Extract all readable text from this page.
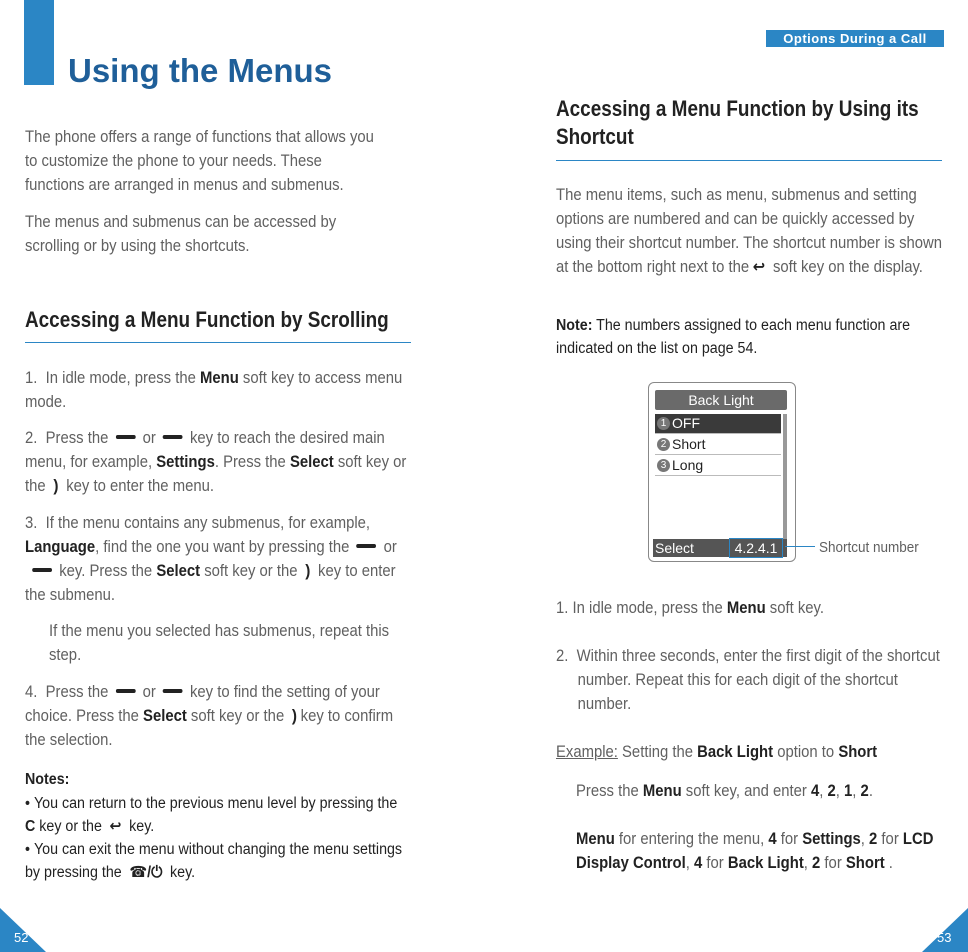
Using the Menus
The phone offers a range of functions that allows you to customize the phone to your needs. These functions are arranged in menus and submenus.
The menus and submenus can be accessed by scrolling or by using the shortcuts.
Accessing a Menu Function by Scrolling
1. In idle mode, press the Menu soft key to access menu mode.
2. Press the or key to reach the desired main menu, for example, Settings. Press the Select soft key or the ) key to enter the menu.
3. If the menu contains any submenus, for example, Language, find the one you want by pressing the orkey. Press the Select soft key or the ) key to enter the submenu.
If the menu you selected has submenus, repeat this step.
4. Press the or key to find the setting of your choice. Press the Select soft key or the ) key to confirm the selection.
Notes:
• You can return to the previous menu level by pressing the C key or the ↩ key.
• You can exit the menu without changing the menu settings by pressing the ☎/⏻ key.
52
Options During a Call
Accessing a Menu Function by Using its
Shortcut
The menu items, such as menu, submenus and setting options are numbered and can be quickly accessed by using their shortcut number. The shortcut number is shown at the bottom right next to the ↩ soft key on the display.
Note: The numbers assigned to each menu function are indicated on the list on page 54.
Back Light
1 OFF
2 Short
3 Long
Select	4.2.4.1	Shortcut number
1. In idle mode, press the Menu soft key.
2. Within three seconds, enter the first digit of the shortcut number. Repeat this for each digit of the shortcut number.
Example: Setting the Back Light option to Short
Press the Menu soft key, and enter 4, 2, 1, 2.
Menu for entering the menu, 4 for Settings, 2 for LCD Display Control, 4 for Back Light, 2 for Short .
53
